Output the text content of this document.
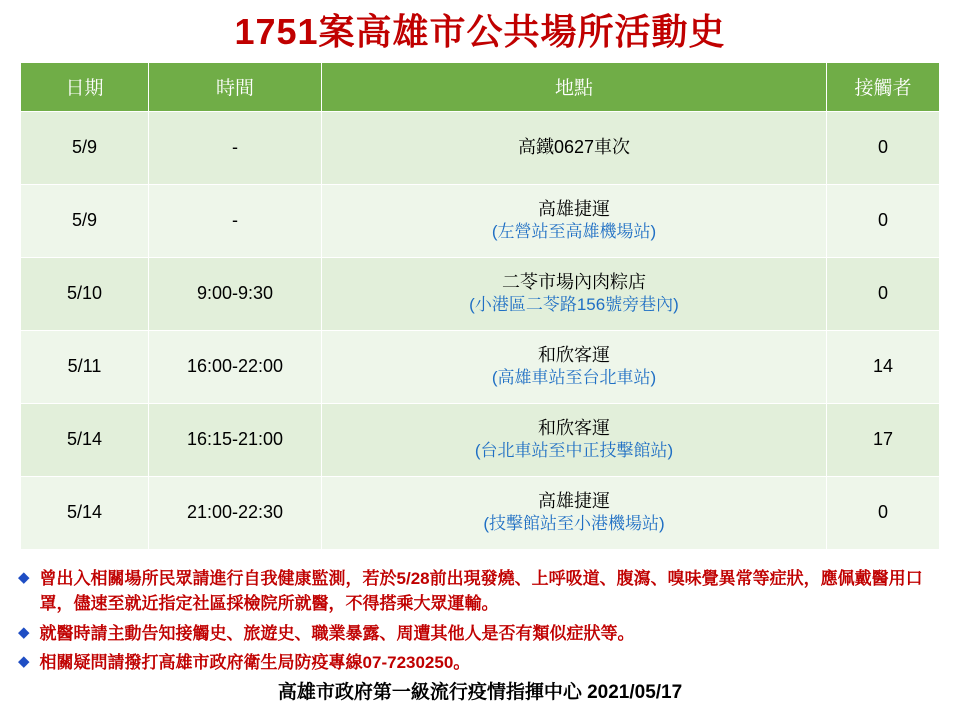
1751案高雄市公共場所活動史
日期	時間	地點	接觸者
5/9	-	高鐵0627車次	0
5/9	-	高雄捷運
(左營站至高雄機場站)	0
5/10	9:00-9:30	二苓市場內肉粽店
(小港區二苓路156號旁巷內)	0
5/11	16:00-22:00	和欣客運
(高雄車站至台北車站)	14
5/14	16:15-21:00	和欣客運
(台北車站至中正技擊館站)	17
5/14	21:00-22:30	高雄捷運
(技擊館站至小港機場站)	0
◆ 曾出入相關場所民眾請進行自我健康監測，若於5/28前出現發燒、上呼吸道、腹瀉、嗅味覺異常等症狀，應佩戴醫用口罩，儘速至就近指定社區採檢院所就醫，不得搭乘大眾運輸。
◆ 就醫時請主動告知接觸史、旅遊史、職業暴露、周遭其他人是否有類似症狀等。
◆ 相關疑問請撥打高雄市政府衛生局防疫專線07-7230250。
高雄市政府第一級流行疫情指揮中心 2021/05/17
